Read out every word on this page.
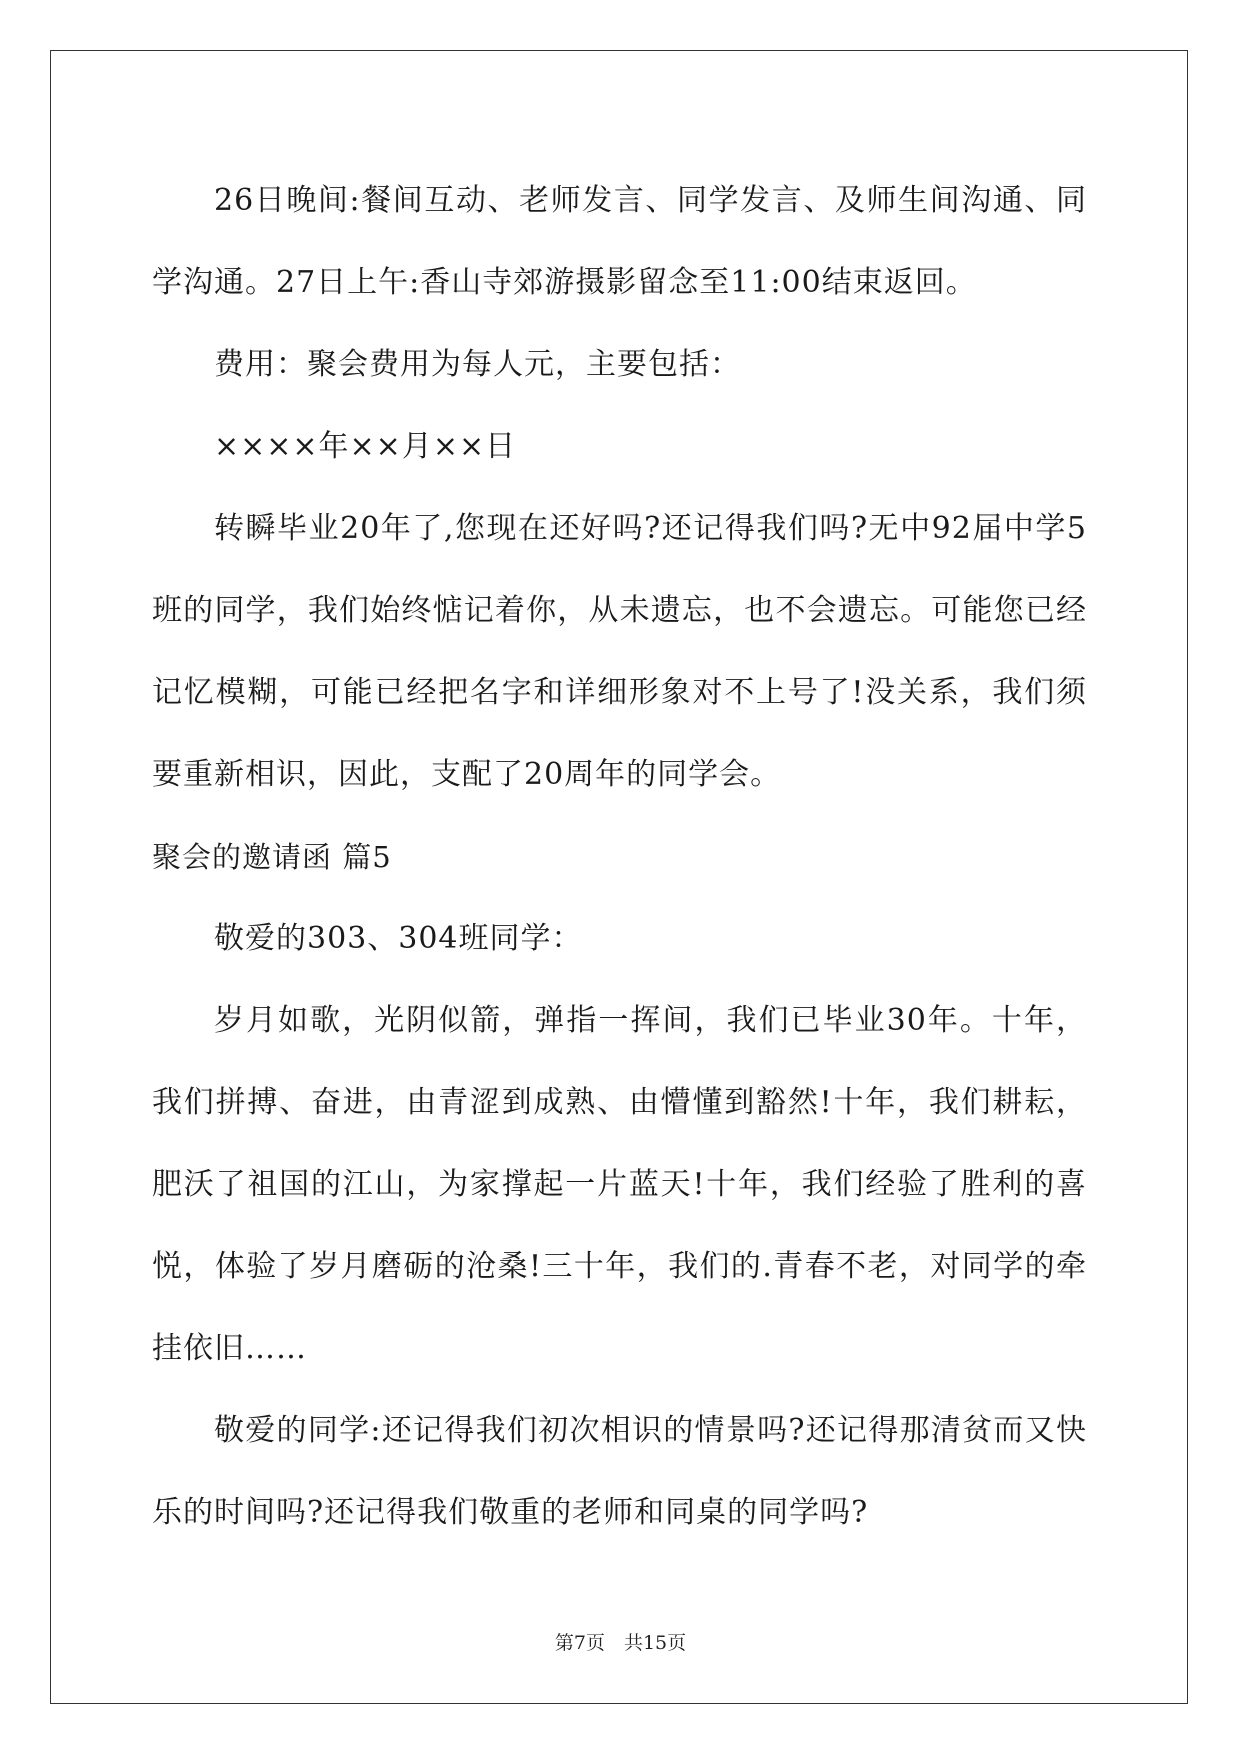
26日晚间:餐间互动、老师发言、同学发言、及师生间沟通、同学沟通。27日上午:香山寺郊游摄影留念至11:00结束返回。

费用：聚会费用为每人元，主要包括：

××××年××月××日

转瞬毕业20年了,您现在还好吗?还记得我们吗?无中92届中学5班的同学，我们始终惦记着你，从未遗忘，也不会遗忘。可能您已经记忆模糊，可能已经把名字和详细形象对不上号了!没关系，我们须要重新相识，因此，支配了20周年的同学会。

聚会的邀请函 篇5

敬爱的303、304班同学：

岁月如歌，光阴似箭，弹指一挥间，我们已毕业30年。十年，我们拼搏、奋进，由青涩到成熟、由懵懂到豁然!十年，我们耕耘，肥沃了祖国的江山，为家撑起一片蓝天!十年，我们经验了胜利的喜悦，体验了岁月磨砺的沧桑!三十年，我们的.青春不老，对同学的牵挂依旧……

敬爱的同学:还记得我们初次相识的情景吗?还记得那清贫而又快乐的时间吗?还记得我们敬重的老师和同桌的同学吗?

第7页　共15页
